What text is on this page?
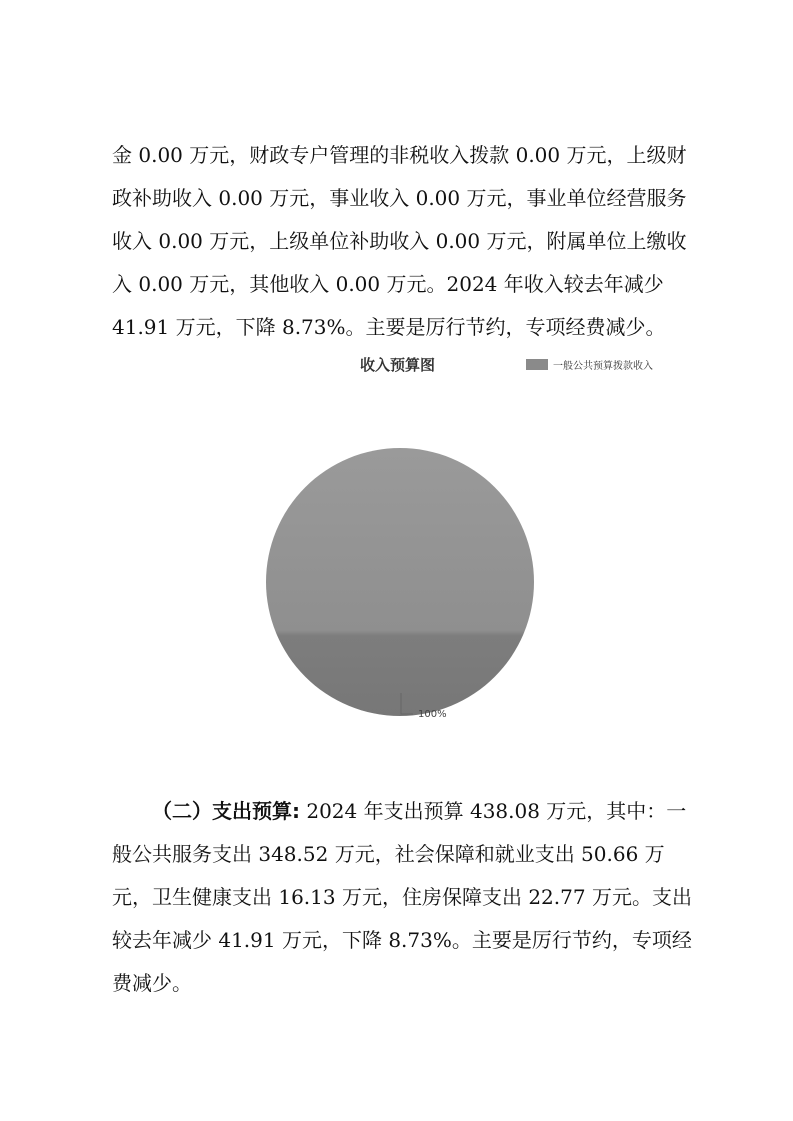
金 0.00 万元，财政专户管理的非税收入拨款 0.00 万元，上级财政补助收入 0.00 万元，事业收入 0.00 万元，事业单位经营服务收入 0.00 万元，上级单位补助收入 0.00 万元，附属单位上缴收入 0.00 万元，其他收入 0.00 万元。2024 年收入较去年减少 41.91 万元，下降 8.73%。主要是厉行节约，专项经费减少。

收入预算图	一般公共预算拨款收入
100%

（二）支出预算: 2024 年支出预算 438.08 万元，其中：一般公共服务支出 348.52 万元，社会保障和就业支出 50.66 万元，卫生健康支出 16.13 万元，住房保障支出 22.77 万元。支出较去年减少 41.91 万元，下降 8.73%。主要是厉行节约，专项经费减少。
